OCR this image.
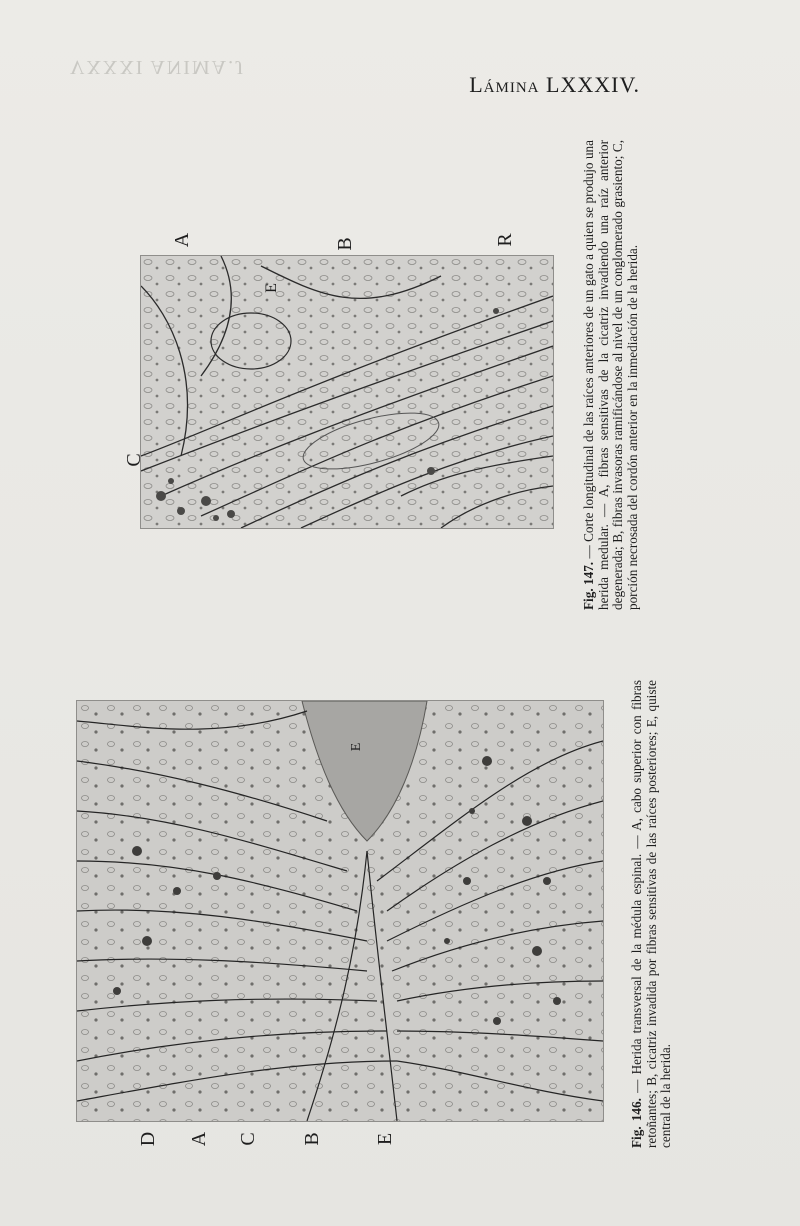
VXXXI ANIMA.J
Lámina LXXXIV.
A	B	R
C
E
Fig. 147. — Corte longitudinal de las raíces anteriores de un gato a quien se produjo una herida medular. — A, fibras sensitivas de la cicatriz invadiendo una raíz anterior degenerada; B, fibras invasoras ramificándose al nivel de un conglomerado grasiento; C, porción necrosada del cordón anterior en la inmediación de la herida.
D A C B	E
E
Fig. 146. — Herida transversal de la médula espinal. — A, cabo superior con fibras retoñantes; B, cicatriz invadida por fibras sensitivas de las raíces posteriores; E, quiste central de la herida.
